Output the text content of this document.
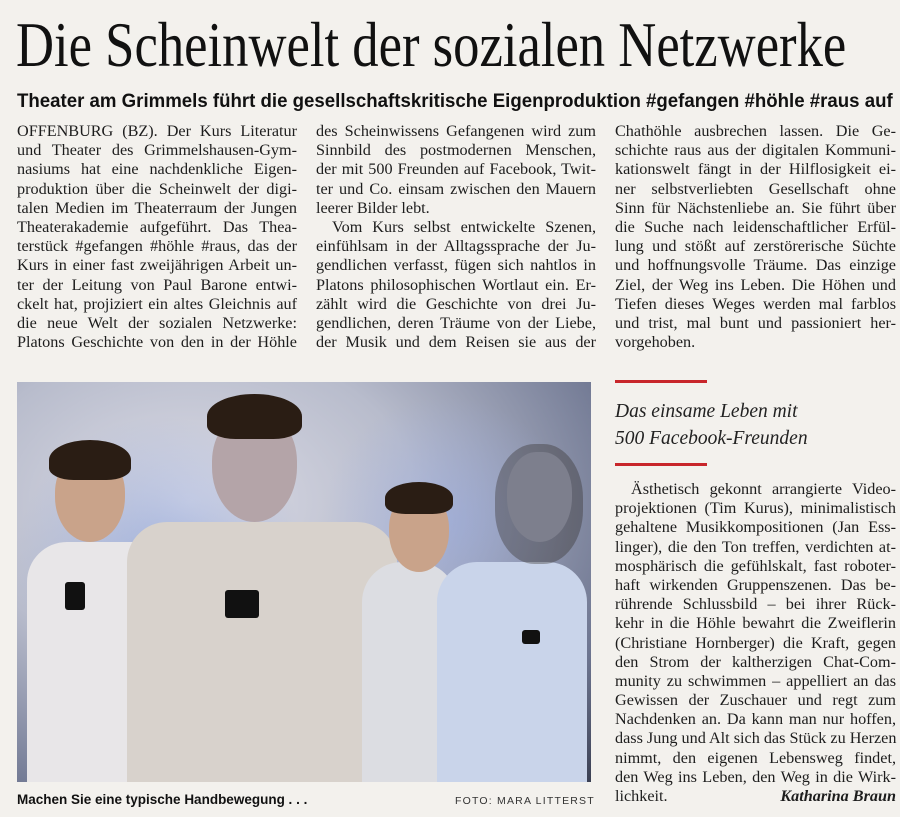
Die Scheinwelt der sozialen Netzwerke
Theater am Grimmels führt die gesellschaftskritische Eigenproduktion #gefangen #höhle #raus auf
OFFENBURG (BZ). Der Kurs Literatur
und Theater des Grimmelshausen-Gym-
nasiums hat eine nachdenkliche Eigen-
produktion über die Scheinwelt der digi-
talen Medien im Theaterraum der Jungen
Theaterakademie aufgeführt. Das Thea-
terstück #gefangen #höhle #raus, das der
Kurs in einer fast zweijährigen Arbeit un-
ter der Leitung von Paul Barone entwi-
ckelt hat, projiziert ein altes Gleichnis auf
die neue Welt der sozialen Netzwerke:
Platons Geschichte von den in der Höhle
des Scheinwissens Gefangenen wird zum
Sinnbild des postmodernen Menschen,
der mit 500 Freunden auf Facebook, Twit-
ter und Co. einsam zwischen den Mauern
leerer Bilder lebt.
Vom Kurs selbst entwickelte Szenen,
einfühlsam in der Alltagssprache der Ju-
gendlichen verfasst, fügen sich nahtlos in
Platons philosophischen Wortlaut ein. Er-
zählt wird die Geschichte von drei Ju-
gendlichen, deren Träume von der Liebe,
der Musik und dem Reisen sie aus der
Chathöhle ausbrechen lassen. Die Ge-
schichte raus aus der digitalen Kommuni-
kationswelt fängt in der Hilflosigkeit ei-
ner selbstverliebten Gesellschaft ohne
Sinn für Nächstenliebe an. Sie führt über
die Suche nach leidenschaftlicher Erfül-
lung und stößt auf zerstörerische Süchte
und hoffnungsvolle Träume. Das einzige
Ziel, der Weg ins Leben. Die Höhen und
Tiefen dieses Weges werden mal farblos
und trist, mal bunt und passioniert her-
vorgehoben.
Machen Sie eine typische Handbewegung . . .	FOTO: MARA LITTERST
Das einsame Leben mit
500 Facebook-Freunden
Ästhetisch gekonnt arrangierte Video-
projektionen (Tim Kurus), minimalistisch
gehaltene Musikkompositionen (Jan Ess-
linger), die den Ton treffen, verdichten at-
mosphärisch die gefühlskalt, fast roboter-
haft wirkenden Gruppenszenen. Das be-
rührende Schlussbild – bei ihrer Rück-
kehr in die Höhle bewahrt die Zweiflerin
(Christiane Hornberger) die Kraft, gegen
den Strom der kaltherzigen Chat-Com-
munity zu schwimmen – appelliert an das
Gewissen der Zuschauer und regt zum
Nachdenken an. Da kann man nur hoffen,
dass Jung und Alt sich das Stück zu Herzen
nimmt, den eigenen Lebensweg findet,
den Weg ins Leben, den Weg in die Wirk-
lichkeit.	Katharina Braun
